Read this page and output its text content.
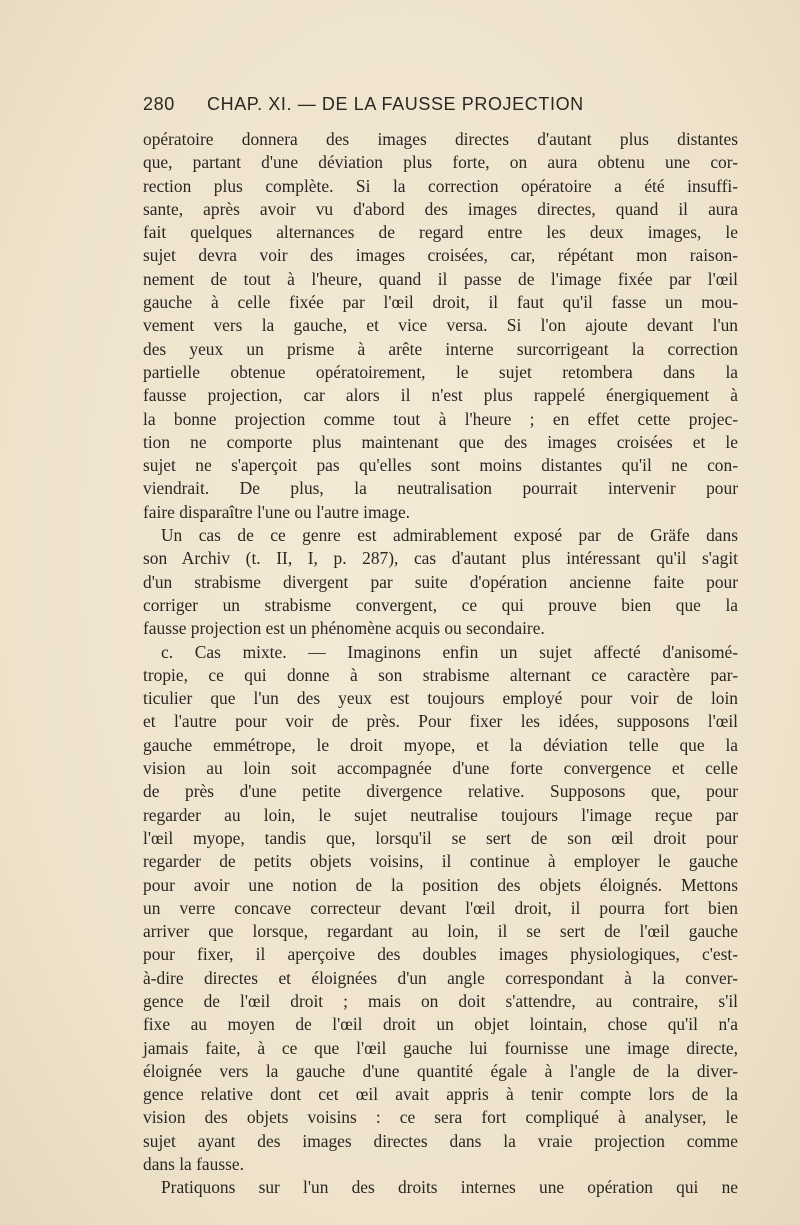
280 CHAP. XI. — DE LA FAUSSE PROJECTION
opératoire donnera des images directes d'autant plus distantes
que, partant d'une déviation plus forte, on aura obtenu une cor-
rection plus complète. Si la correction opératoire a été insuffi-
sante, après avoir vu d'abord des images directes, quand il aura
fait quelques alternances de regard entre les deux images, le
sujet devra voir des images croisées, car, répétant mon raison-
nement de tout à l'heure, quand il passe de l'image fixée par l'œil
gauche à celle fixée par l'œil droit, il faut qu'il fasse un mou-
vement vers la gauche, et vice versa. Si l'on ajoute devant l'un
des yeux un prisme à arête interne surcorrigeant la correction
partielle obtenue opératoirement, le sujet retombera dans la
fausse projection, car alors il n'est plus rappelé énergiquement à
la bonne projection comme tout à l'heure ; en effet cette projec-
tion ne comporte plus maintenant que des images croisées et le
sujet ne s'aperçoit pas qu'elles sont moins distantes qu'il ne con-
viendrait. De plus, la neutralisation pourrait intervenir pour
faire disparaître l'une ou l'autre image.
Un cas de ce genre est admirablement exposé par de Gräfe dans
son Archiv (t. II, I, p. 287), cas d'autant plus intéressant qu'il s'agit
d'un strabisme divergent par suite d'opération ancienne faite pour
corriger un strabisme convergent, ce qui prouve bien que la
fausse projection est un phénomène acquis ou secondaire.
c. Cas mixte. — Imaginons enfin un sujet affecté d'anisomé-
tropie, ce qui donne à son strabisme alternant ce caractère par-
ticulier que l'un des yeux est toujours employé pour voir de loin
et l'autre pour voir de près. Pour fixer les idées, supposons l'œil
gauche emmétrope, le droit myope, et la déviation telle que la
vision au loin soit accompagnée d'une forte convergence et celle
de près d'une petite divergence relative. Supposons que, pour
regarder au loin, le sujet neutralise toujours l'image reçue par
l'œil myope, tandis que, lorsqu'il se sert de son œil droit pour
regarder de petits objets voisins, il continue à employer le gauche
pour avoir une notion de la position des objets éloignés. Mettons
un verre concave correcteur devant l'œil droit, il pourra fort bien
arriver que lorsque, regardant au loin, il se sert de l'œil gauche
pour fixer, il aperçoive des doubles images physiologiques, c'est-
à-dire directes et éloignées d'un angle correspondant à la conver-
gence de l'œil droit ; mais on doit s'attendre, au contraire, s'il
fixe au moyen de l'œil droit un objet lointain, chose qu'il n'a
jamais faite, à ce que l'œil gauche lui fournisse une image directe,
éloignée vers la gauche d'une quantité égale à l'angle de la diver-
gence relative dont cet œil avait appris à tenir compte lors de la
vision des objets voisins : ce sera fort compliqué à analyser, le
sujet ayant des images directes dans la vraie projection comme
dans la fausse.
Pratiquons sur l'un des droits internes une opération qui ne
